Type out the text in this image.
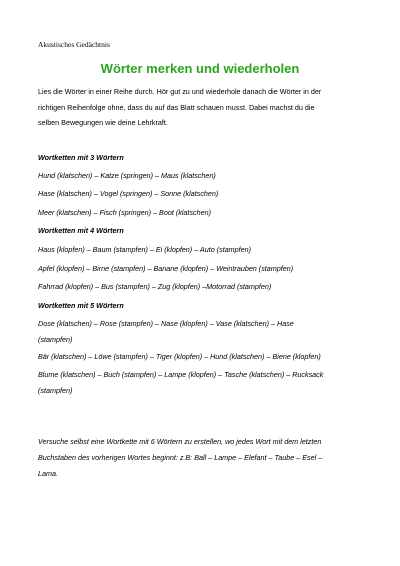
Akustisches Gedächtnis
Wörter merken und wiederholen
Lies die Wörter in einer Reihe durch. Hör gut zu und wiederhole danach die Wörter in der
richtigen Reihenfolge ohne, dass du auf das Blatt schauen musst. Dabei machst du die
selben Bewegungen wie deine Lehrkraft.
Wortketten mit 3 Wörtern
Hund (klatschen) – Katze (springen) – Maus (klatschen)
Hase (klatschen) – Vogel (springen) – Sonne (klatschen)
Meer (klatschen) – Fisch (springen) – Boot (klatschen)
Wortketten mit 4 Wörtern
Haus (klopfen) – Baum (stampfen) – Ei (klopfen) – Auto (stampfen)
Apfel (klopfen) – Birne (stampfen) – Banane (klopfen) – Weintrauben (stampfen)
Fahrrad (klopfen) – Bus (stampfen) – Zug (klopfen) –Motorrad (stampfen)
Wortketten mit 5 Wörtern
Dose (klatschen) – Rose (stampfen) – Nase (klopfen) – Vase (klatschen) – Hase
(stampfen)
Bär (klatschen) – Löwe (stampfen) – Tiger (klopfen) – Hund (klatschen) – Biene (klopfen)
Blume (klatschen) – Buch (stampfen) – Lampe (klopfen) – Tasche (klatschen) – Rucksack
(stampfen)
Versuche selbst eine Wortkette mit 6 Wörtern zu erstellen, wo jedes Wort mit dem letzten
Buchstaben des vorherigen Wortes beginnt: z.B: Ball – Lampe – Elefant – Taube – Esel –
Lama.
